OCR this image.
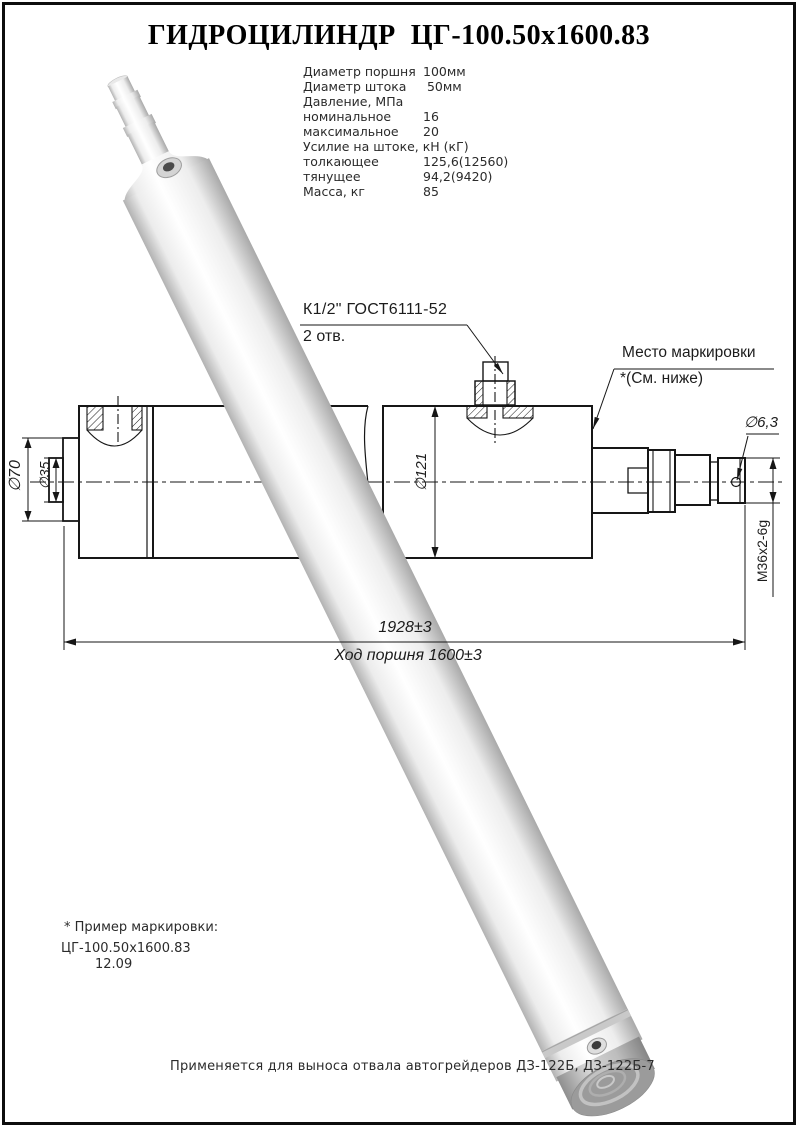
ГИДРОЦИЛИНДР  ЦГ-100.50х1600.83
Диаметр поршня 100мм
Диаметр штока 50мм
Давление, МПа
номинальное	16
максимальное 20
Усилие на штоке, кН (кГ)
толкающее	125,6(12560)
тянущее	94,2(9420)
Масса, кг	85
К1/2" ГОСТ6111-52
2 отв.
Место маркировки
*(См. ниже)
∅6,3
∅121
∅70 ∅35
М36х2-6g
1928±3
Ход поршня 1600±3
* Пример маркировки:
ЦГ-100.50х1600.83
12.09
Применяется для выноса отвала автогрейдеров ДЗ-122Б, ДЗ-122Б-7
